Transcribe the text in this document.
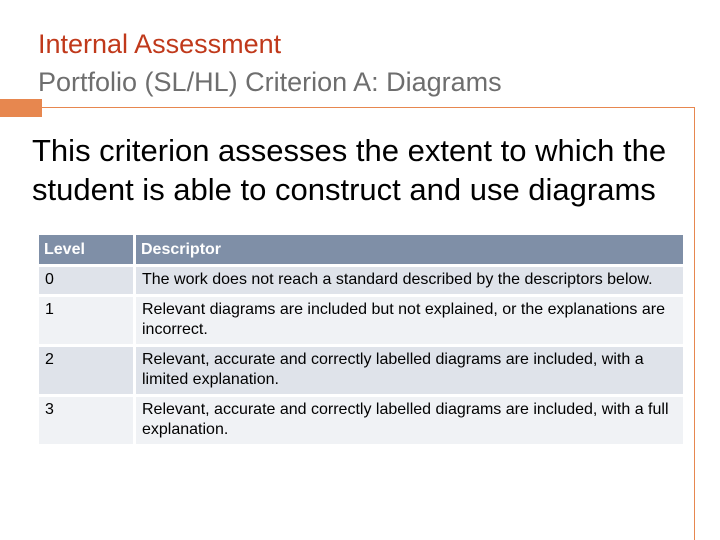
Internal Assessment
Portfolio (SL/HL) Criterion A: Diagrams
This criterion assesses the extent to which the student is able to construct and use diagrams
Level	Descriptor
0	The work does not reach a standard described by the descriptors below.

1	Relevant diagrams are included but not explained, or the explanations are incorrect.

2	Relevant, accurate and correctly labelled diagrams are included, with a
limited explanation.

3	Relevant, accurate and correctly labelled diagrams are included, with a full explanation.
